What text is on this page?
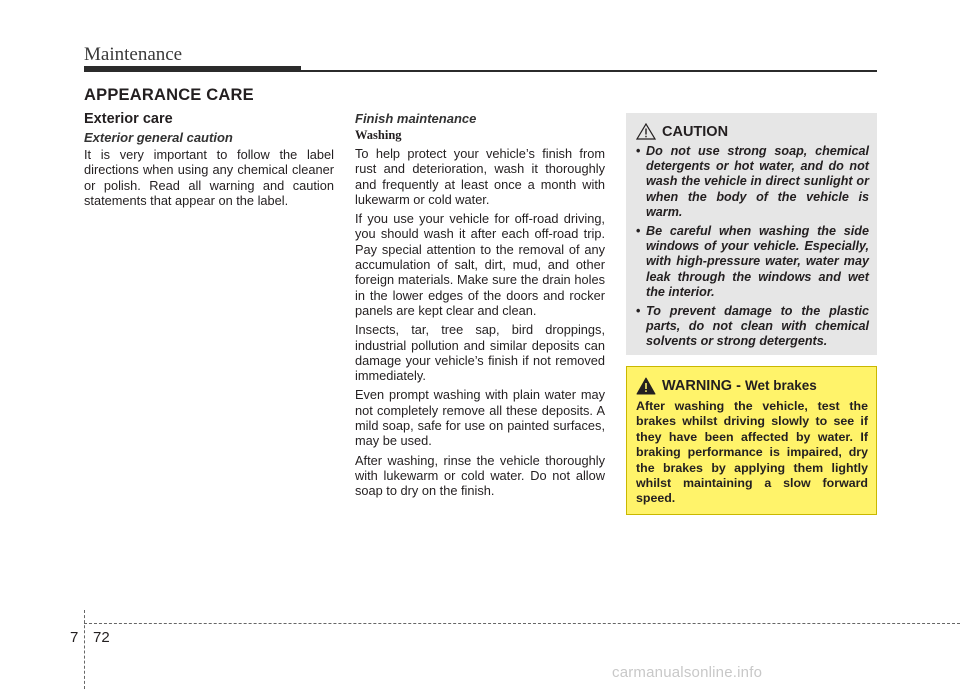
Maintenance
APPEARANCE CARE
Exterior care
Exterior general caution

It is very important to follow the label directions when using any chemical cleaner or polish. Read all warning and caution statements that appear on the label.

Finish maintenance
Washing

To help protect your vehicle’s finish from rust and deterioration, wash it thoroughly and frequently at least once a month with lukewarm or cold water.

If you use your vehicle for off-road driving, you should wash it after each off-road trip. Pay special attention to the removal of any accumulation of salt, dirt, mud, and other foreign materials. Make sure the drain holes in the lower edges of the doors and rocker panels are kept clear and clean.

Insects, tar, tree sap, bird droppings, industrial pollution and similar deposits can damage your vehicle’s finish if not removed immediately.

Even prompt washing with plain water may not completely remove all these deposits. A mild soap, safe for use on painted surfaces, may be used.

After washing, rinse the vehicle thoroughly with lukewarm or cold water. Do not allow soap to dry on the finish.

CAUTION
• Do not use strong soap, chemical detergents or hot water, and do not wash the vehicle in direct sunlight or when the body of the vehicle is warm.
• Be careful when washing the side windows of your vehicle. Especially, with high-pressure water, water may leak through the windows and wet the interior.
• To prevent damage to the plastic parts, do not clean with chemical solvents or strong detergents.
WARNING - Wet brakes
After washing the vehicle, test the brakes whilst driving slowly to see if they have been affected by water. If braking performance is impaired, dry the brakes by applying them lightly whilst maintaining a slow forward speed.
7 72
carmanualsonline.info
